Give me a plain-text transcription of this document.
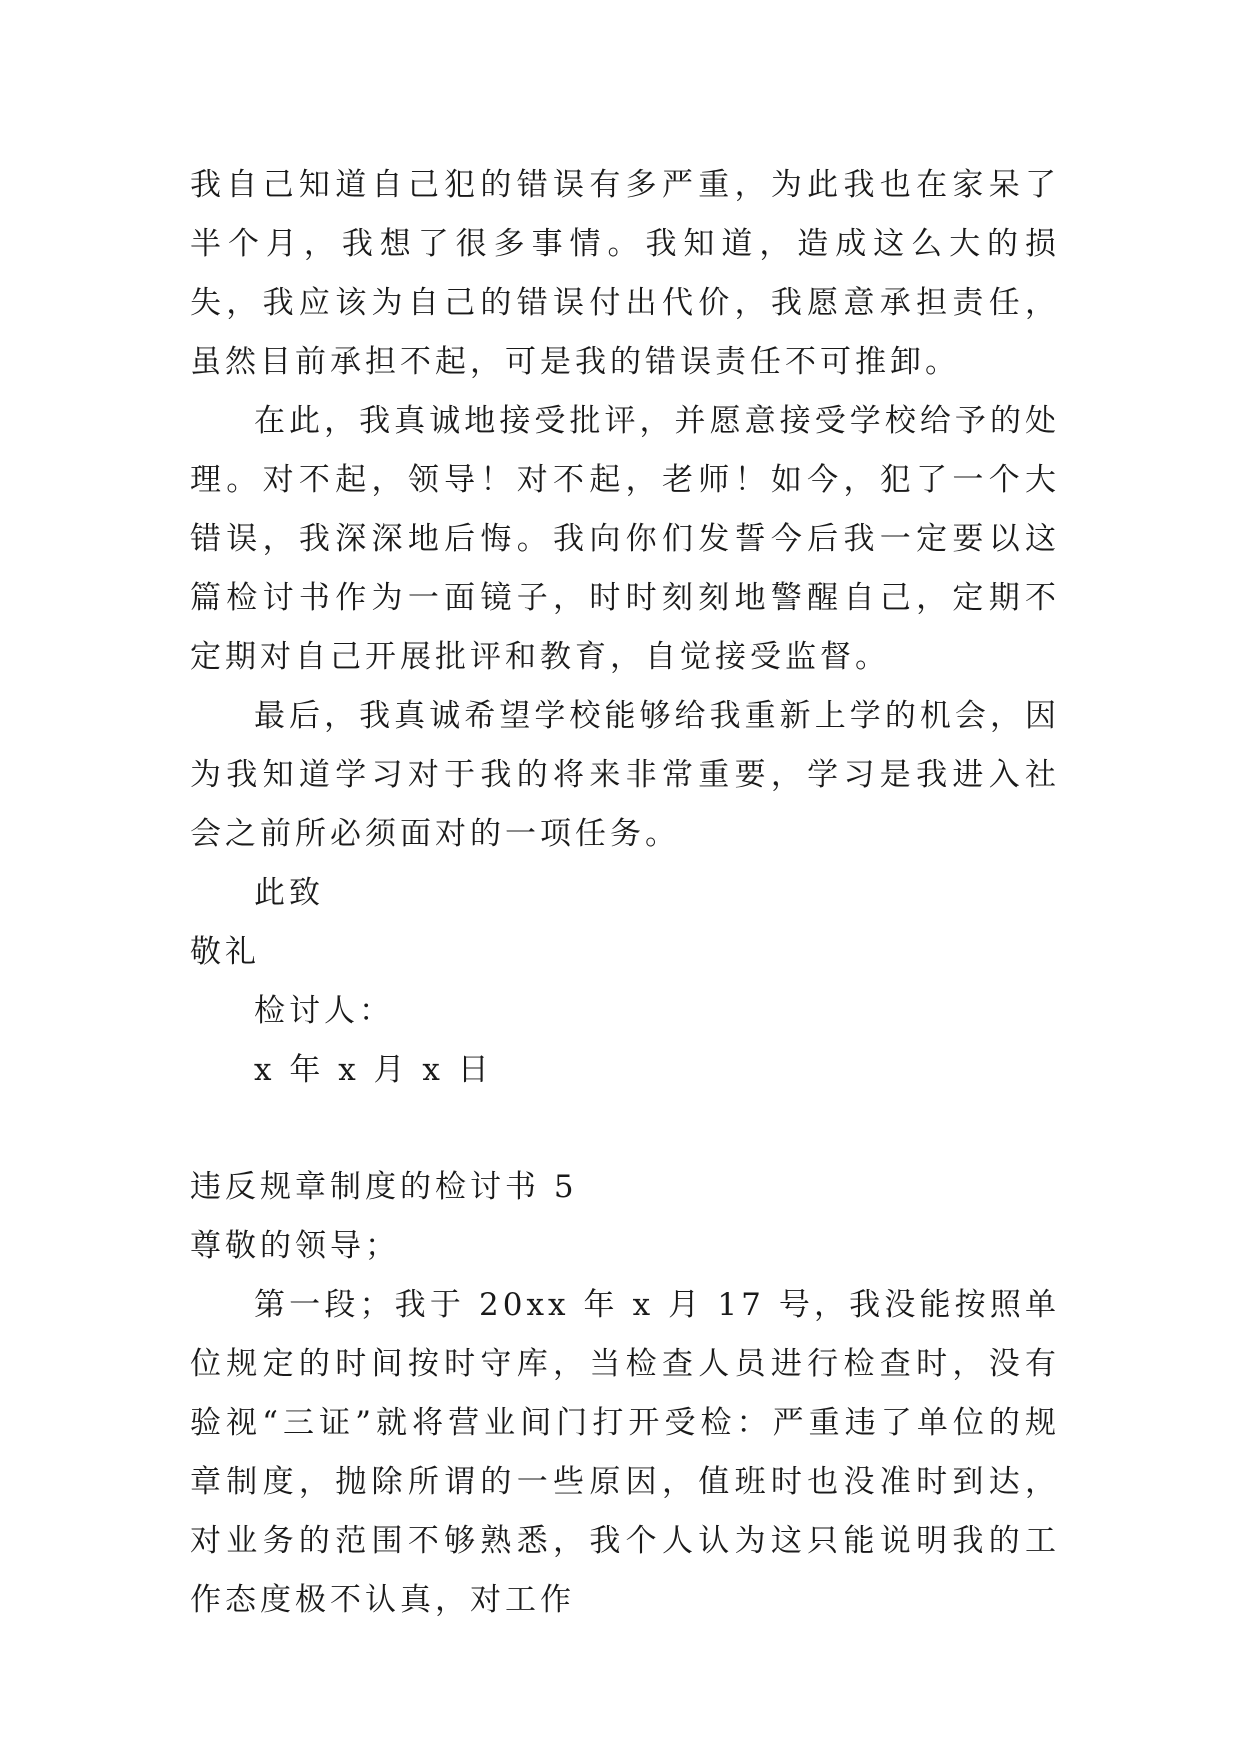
我自己知道自己犯的错误有多严重，为此我也在家呆了半个月，我想了很多事情。我知道，造成这么大的损失，我应该为自己的错误付出代价，我愿意承担责任，虽然目前承担不起，可是我的错误责任不可推卸。

在此，我真诚地接受批评，并愿意接受学校给予的处理。对不起，领导！对不起，老师！如今，犯了一个大错误，我深深地后悔。我向你们发誓今后我一定要以这篇检讨书作为一面镜子，时时刻刻地警醒自己，定期不定期对自己开展批评和教育，自觉接受监督。

最后，我真诚希望学校能够给我重新上学的机会，因为我知道学习对于我的将来非常重要，学习是我进入社会之前所必须面对的一项任务。

此致

敬礼

检讨人：

x 年 x 月 x 日

违反规章制度的检讨书 5

尊敬的领导；

第一段；我于 20xx 年 x 月 17 号，我没能按照单位规定的时间按时守库，当检查人员进行检查时，没有验视“三证”就将营业间门打开受检：严重违了单位的规章制度，抛除所谓的一些原因，值班时也没准时到达，对业务的范围不够熟悉，我个人认为这只能说明我的工作态度极不认真，对工作
